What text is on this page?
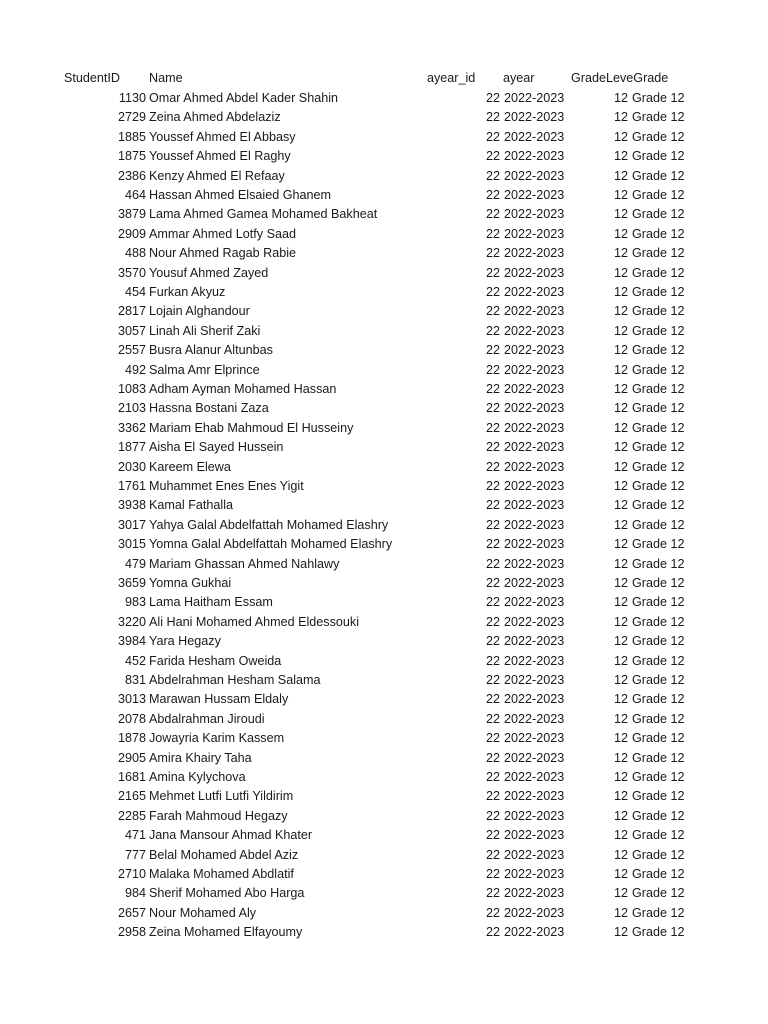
StudentID Name	ayear_id ayear	GradeLeveGrade
1130 Omar Ahmed Abdel Kader Shahin	22 2022-2023	12 Grade 12
2729 Zeina Ahmed Abdelaziz	22 2022-2023	12 Grade 12
1885 Youssef Ahmed El Abbasy	22 2022-2023	12 Grade 12
1875 Youssef Ahmed El Raghy	22 2022-2023	12 Grade 12
2386 Kenzy Ahmed El Refaay	22 2022-2023	12 Grade 12
464 Hassan Ahmed Elsaied Ghanem	22 2022-2023	12 Grade 12
3879 Lama Ahmed Gamea Mohamed Bakheat	22 2022-2023	12 Grade 12
2909 Ammar Ahmed Lotfy Saad	22 2022-2023	12 Grade 12
488 Nour Ahmed Ragab Rabie	22 2022-2023	12 Grade 12
3570 Yousuf Ahmed Zayed	22 2022-2023	12 Grade 12
454 Furkan Akyuz	22 2022-2023	12 Grade 12
2817 Lojain Alghandour	22 2022-2023	12 Grade 12
3057 Linah Ali Sherif Zaki	22 2022-2023	12 Grade 12
2557 Busra Alanur Altunbas	22 2022-2023	12 Grade 12
492 Salma Amr Elprince	22 2022-2023	12 Grade 12
1083 Adham Ayman Mohamed Hassan	22 2022-2023	12 Grade 12
2103 Hassna Bostani Zaza	22 2022-2023	12 Grade 12
3362 Mariam Ehab Mahmoud El Husseiny	22 2022-2023	12 Grade 12
1877 Aisha El Sayed Hussein	22 2022-2023	12 Grade 12
2030 Kareem Elewa	22 2022-2023	12 Grade 12
1761 Muhammet Enes Enes Yigit	22 2022-2023	12 Grade 12
3938 Kamal Fathalla	22 2022-2023	12 Grade 12
3017 Yahya Galal Abdelfattah Mohamed Elashry	22 2022-2023	12 Grade 12
3015 Yomna Galal Abdelfattah Mohamed Elashry	22 2022-2023	12 Grade 12
479 Mariam Ghassan Ahmed Nahlawy	22 2022-2023	12 Grade 12
3659 Yomna Gukhai	22 2022-2023	12 Grade 12
983 Lama Haitham Essam	22 2022-2023	12 Grade 12
3220 Ali Hani Mohamed Ahmed Eldessouki	22 2022-2023	12 Grade 12
3984 Yara Hegazy	22 2022-2023	12 Grade 12
452 Farida Hesham Oweida	22 2022-2023	12 Grade 12
831 Abdelrahman Hesham Salama	22 2022-2023	12 Grade 12
3013 Marawan Hussam Eldaly	22 2022-2023	12 Grade 12
2078 Abdalrahman Jiroudi	22 2022-2023	12 Grade 12
1878 Jowayria Karim Kassem	22 2022-2023	12 Grade 12
2905 Amira Khairy Taha	22 2022-2023	12 Grade 12
1681 Amina Kylychova	22 2022-2023	12 Grade 12
2165 Mehmet Lutfi Lutfi Yildirim	22 2022-2023	12 Grade 12
2285 Farah Mahmoud Hegazy	22 2022-2023	12 Grade 12
471 Jana Mansour Ahmad Khater	22 2022-2023	12 Grade 12
777 Belal Mohamed Abdel Aziz	22 2022-2023	12 Grade 12
2710 Malaka Mohamed Abdlatif	22 2022-2023	12 Grade 12
984 Sherif Mohamed Abo Harga	22 2022-2023	12 Grade 12
2657 Nour Mohamed Aly	22 2022-2023	12 Grade 12
2958 Zeina Mohamed Elfayoumy	22 2022-2023	12 Grade 12
